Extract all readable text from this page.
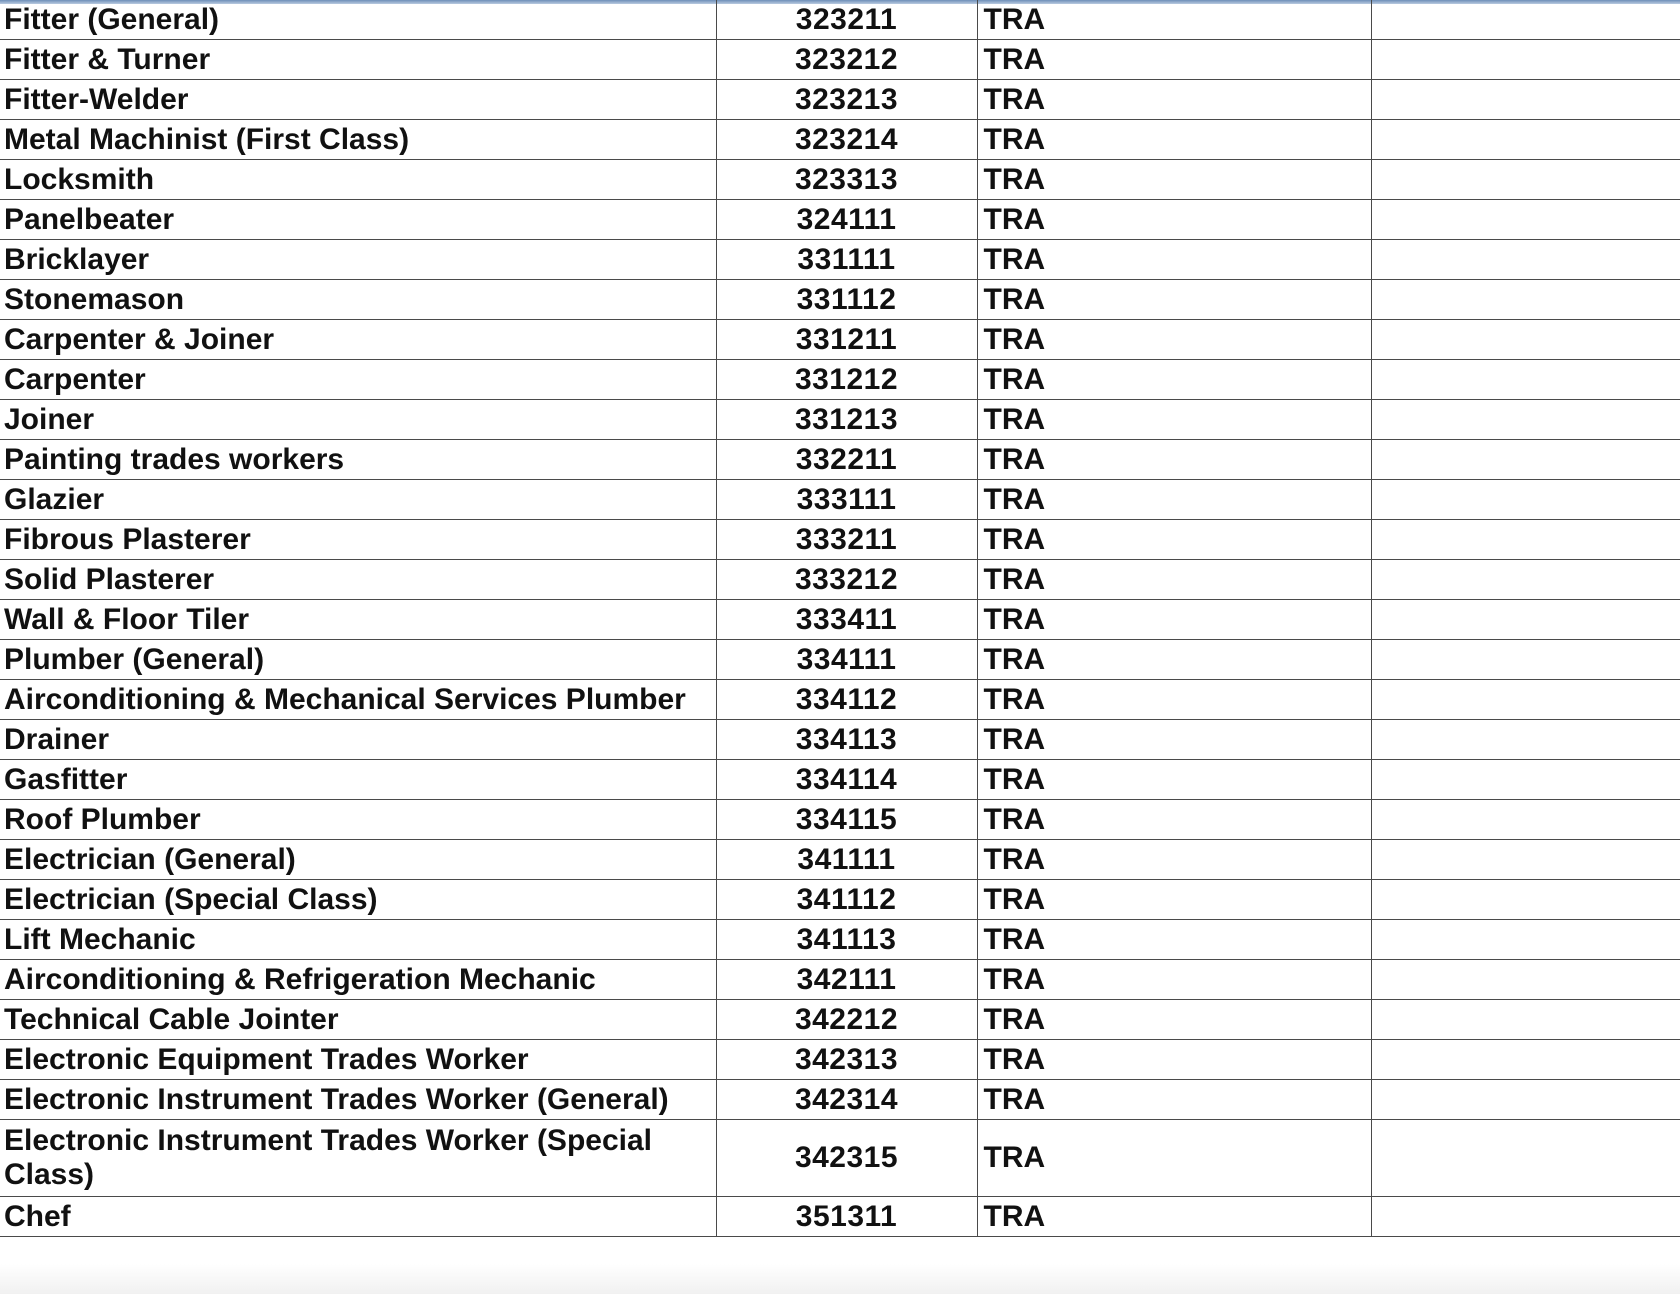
Fitter (General)	323211	TRA	
Fitter & Turner	323212	TRA	
Fitter-Welder	323213	TRA	
Metal Machinist (First Class)	323214	TRA	
Locksmith	323313	TRA	
Panelbeater	324111	TRA	
Bricklayer	331111	TRA	
Stonemason	331112	TRA	
Carpenter & Joiner	331211	TRA	
Carpenter	331212	TRA	
Joiner	331213	TRA	
Painting trades workers	332211	TRA	
Glazier	333111	TRA	
Fibrous Plasterer	333211	TRA	
Solid Plasterer	333212	TRA	
Wall & Floor Tiler	333411	TRA	
Plumber (General)	334111	TRA	
Airconditioning & Mechanical Services Plumber	334112	TRA	
Drainer	334113	TRA	
Gasfitter	334114	TRA	
Roof Plumber	334115	TRA	
Electrician (General)	341111	TRA	
Electrician (Special Class)	341112	TRA	
Lift Mechanic	341113	TRA	
Airconditioning & Refrigeration Mechanic	342111	TRA	
Technical Cable Jointer	342212	TRA	
Electronic Equipment Trades Worker	342313	TRA	
Electronic Instrument Trades Worker (General)	342314	TRA	
Electronic Instrument Trades Worker (Special Class)	342315	TRA	
Chef	351311	TRA	
